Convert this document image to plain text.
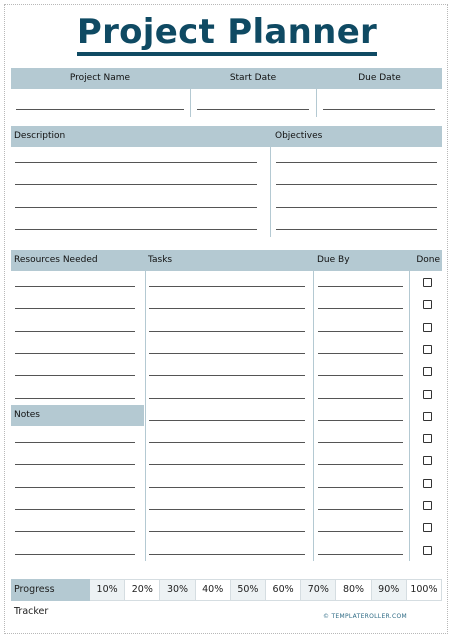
Project Planner
Project Name	Start Date	Due Date
Description	Objectives
Resources Needed	Tasks	Due By	Done
Notes
Progress Tracker
10%	20%	30%	40%	50%	60%	70%	80%	90%	100%
© TEMPLATEROLLER.COM
